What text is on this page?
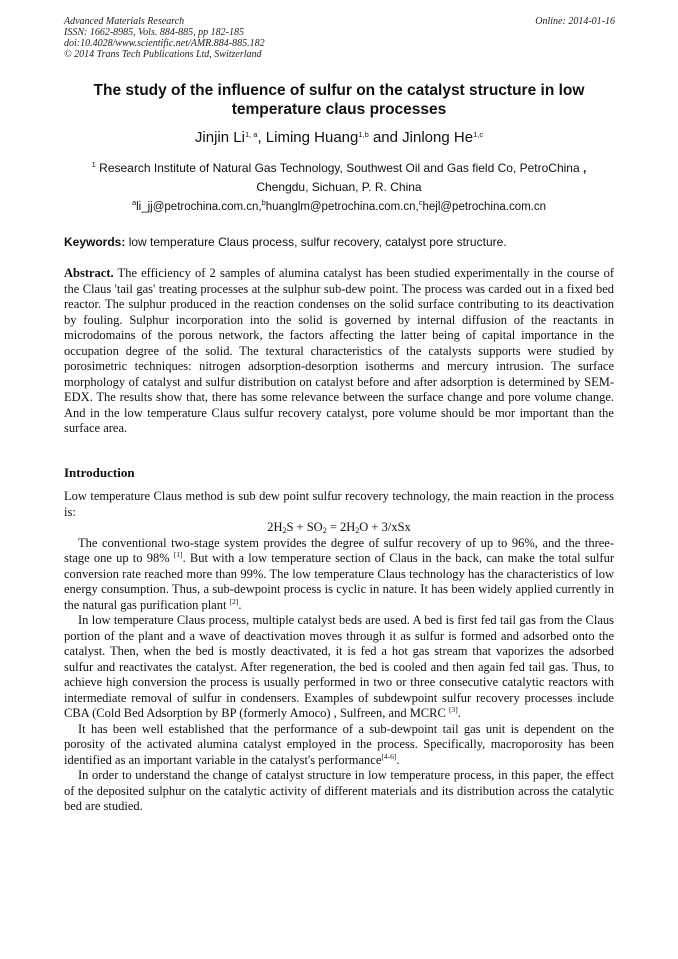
Advanced Materials Research
ISSN: 1662-8985, Vols. 884-885, pp 182-185
doi:10.4028/www.scientific.net/AMR.884-885.182
© 2014 Trans Tech Publications Ltd, Switzerland
Online: 2014-01-16
The study of the influence of sulfur on the catalyst structure in low temperature claus processes
Jinjin Li$^{1, a}$, Liming Huang$^{1,b}$ and Jinlong He$^{1,c}$
$^1$ Research Institute of Natural Gas Technology, Southwest Oil and Gas field Co, PetroChina ,
Chengdu, Sichuan, P. R. China
$^a$li_jj@petrochina.com.cn,$^b$huanglm@petrochina.com.cn,$^c$hejl@petrochina.com.cn
Keywords: low temperature Claus process, sulfur recovery, catalyst pore structure.
Abstract. The efficiency of 2 samples of alumina catalyst has been studied experimentally in the course of the Claus 'tail gas' treating processes at the sulphur sub-dew point. The process was carded out in a fixed bed reactor. The sulphur produced in the reaction condenses on the solid surface contributing to its deactivation by fouling. Sulphur incorporation into the solid is governed by internal diffusion of the reactants in microdomains of the porous network, the factors affecting the latter being of capital importance in the occupation degree of the solid. The textural characteristics of the catalysts supports were studied by porosimetric techniques: nitrogen adsorption-desorption isotherms and mercury intrusion. The surface morphology of catalyst and sulfur distribution on catalyst before and after adsorption is determined by SEM-EDX. The results show that, there has some relevance between the surface change and pore volume change. And in the low temperature Claus sulfur recovery catalyst, pore volume should be mor important than the surface area.
Introduction

Low temperature Claus method is sub dew point sulfur recovery technology, the main reaction in the process is:

$2H_2S + SO_2 = 2H_2O + 3/xSx$

The conventional two-stage system provides the degree of sulfur recovery of up to 96%, and the three-stage one up to 98% [1]. But with a low temperature section of Claus in the back, can make the total sulfur conversion rate reached more than 99%. The low temperature Claus technology has the characteristics of low energy consumption. Thus, a sub-dewpoint process is cyclic in nature. It has been widely applied currently in the natural gas purification plant [2].

In low temperature Claus process, multiple catalyst beds are used. A bed is first fed tail gas from the Claus portion of the plant and a wave of deactivation moves through it as sulfur is formed and adsorbed onto the catalyst. Then, when the bed is mostly deactivated, it is fed a hot gas stream that vaporizes the adsorbed sulfur and reactivates the catalyst. After regeneration, the bed is cooled and then again fed tail gas. Thus, to achieve high conversion the process is usually performed in two or three consecutive catalytic reactors with intermediate removal of sulfur in condensers. Examples of subdewpoint sulfur recovery processes include CBA (Cold Bed Adsorption by BP (formerly Amoco) , Sulfreen, and MCRC [3].

It has been well established that the performance of a sub-dewpoint tail gas unit is dependent on the porosity of the activated alumina catalyst employed in the process. Specifically, macroporosity has been identified as an important variable in the catalyst's performance[4-6].

In order to understand the change of catalyst structure in low temperature process, in this paper, the effect of the deposited sulphur on the catalytic activity of different materials and its distribution across the catalytic bed are studied.
